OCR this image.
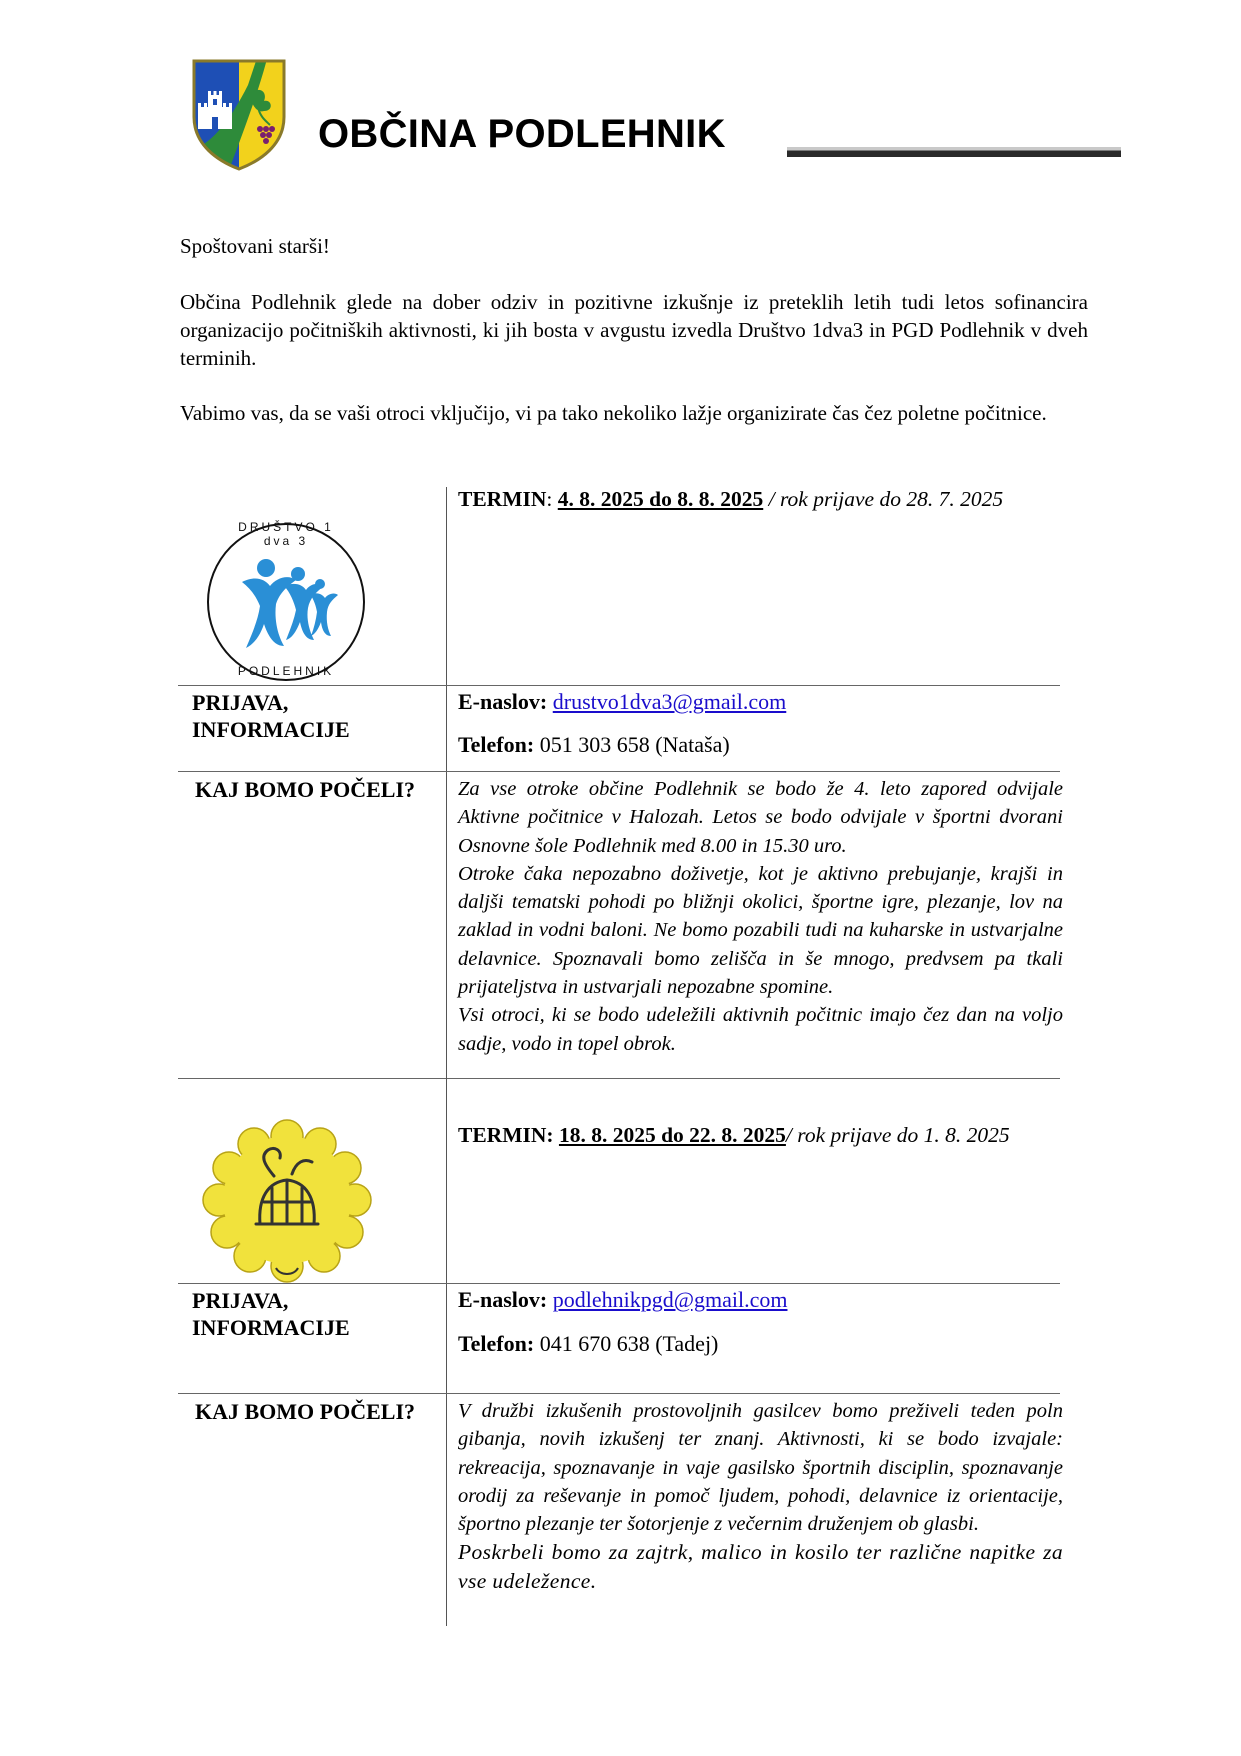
OBČINA PODLEHNIK
Spoštovani starši!
Občina Podlehnik glede na dober odziv in pozitivne izkušnje iz preteklih letih tudi letos sofinancira organizacijo počitniških aktivnosti, ki jih bosta v avgustu izvedla Društvo 1dva3 in PGD Podlehnik v dveh terminih.
Vabimo vas, da se vaši otroci vključijo, vi pa tako nekoliko lažje organizirate čas čez poletne počitnice.
DRUŠTVO 1 dva 3
PODLEHNIK
TERMIN: 4. 8. 2025 do 8. 8. 2025 / rok prijave do 28. 7. 2025
PRIJAVA,
INFORMACIJE
E-naslov: drustvo1dva3@gmail.com
Telefon: 051 303 658 (Nataša)
KAJ BOMO POČELI? Za vse otroke občine Podlehnik se bodo že 4. leto zapored odvijale Aktivne počitnice v Halozah. Letos se bodo odvijale v športni dvorani Osnovne šole Podlehnik med 8.00 in 15.30 uro.

Otroke čaka nepozabno doživetje, kot je aktivno prebujanje, krajši in daljši tematski pohodi po bližnji okolici, športne igre, plezanje, lov na zaklad in vodni baloni. Ne bomo pozabili tudi na kuharske in ustvarjalne delavnice. Spoznavali bomo zelišča in še mnogo, predvsem pa tkali prijateljstva in ustvarjali nepozabne spomine.

Vsi otroci, ki se bodo udeležili aktivnih počitnic imajo čez dan na voljo sadje, vodo in topel obrok.

TERMIN: 18. 8. 2025 do 22. 8. 2025/ rok prijave do 1. 8. 2025
PRIJAVA,
INFORMACIJE
E-naslov: podlehnikpgd@gmail.com
Telefon: 041 670 638 (Tadej)
KAJ BOMO POČELI? V družbi izkušenih prostovoljnih gasilcev bomo preživeli teden poln gibanja, novih izkušenj ter znanj. Aktivnosti, ki se bodo izvajale: rekreacija, spoznavanje in vaje gasilsko športnih disciplin, spoznavanje orodij za reševanje in pomoč ljudem, pohodi, delavnice iz orientacije, športno plezanje ter šotorjenje z večernim druženjem ob glasbi.

Poskrbeli bomo za zajtrk, malico in kosilo ter različne napitke za vse udeležence.
